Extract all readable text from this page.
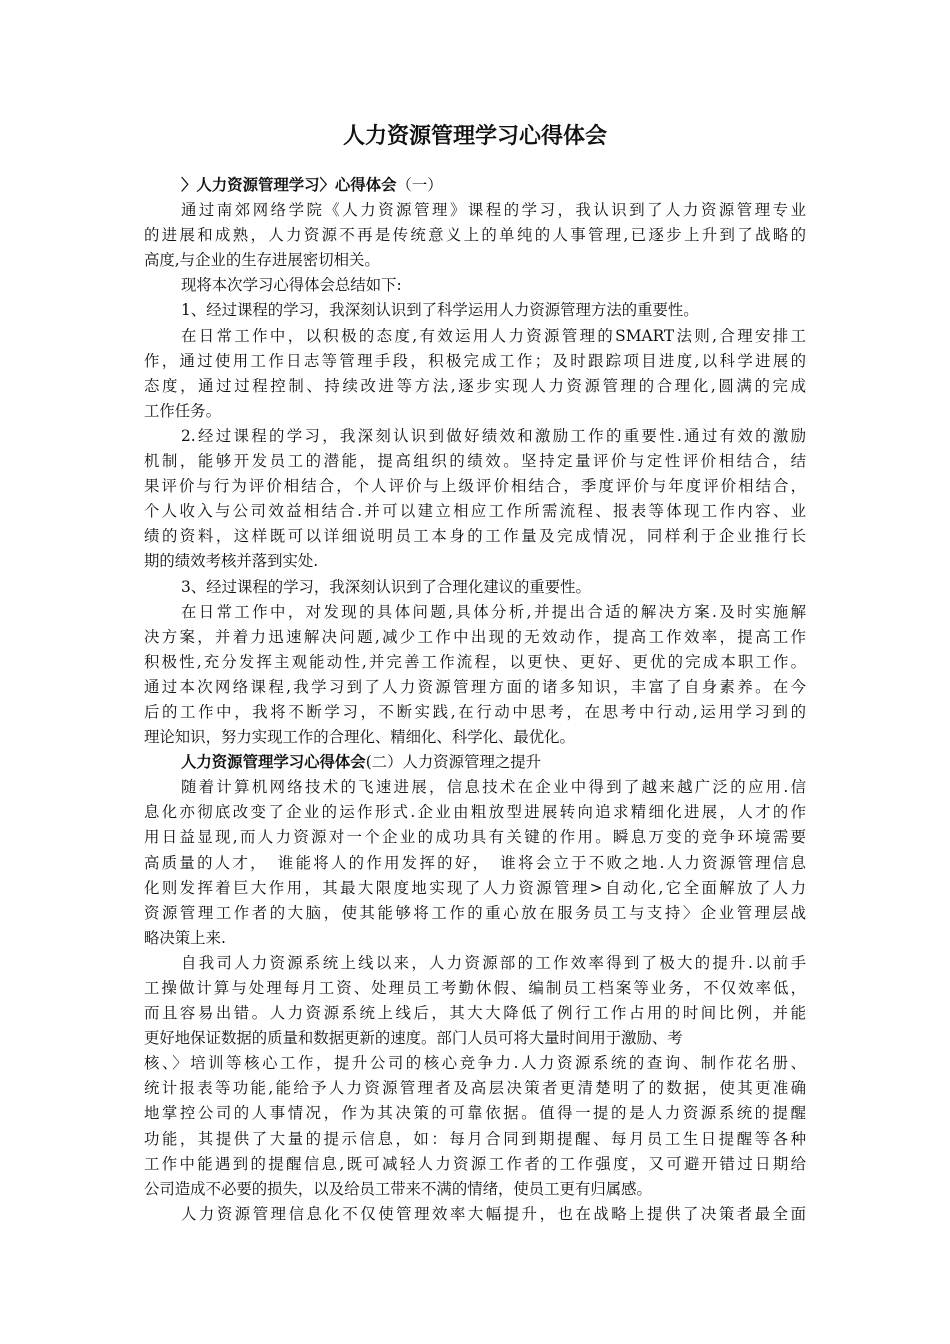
人力资源管理学习心得体会
〉人力资源管理学习〉心得体会（一）
通过南郊网络学院《人力资源管理》课程的学习，我认识到了人力资源管理专业
的进展和成熟，人力资源不再是传统意义上的单纯的人事管理,已逐步上升到了战略的
高度,与企业的生存进展密切相关。
现将本次学习心得体会总结如下:
1、经过课程的学习，我深刻认识到了科学运用人力资源管理方法的重要性。
在日常工作中，以积极的态度,有效运用人力资源管理的SMART法则,合理安排工
作，通过使用工作日志等管理手段，积极完成工作；及时跟踪项目进度,以科学进展的
态度，通过过程控制、持续改进等方法,逐步实现人力资源管理的合理化,圆满的完成
工作任务。
2.经过课程的学习，我深刻认识到做好绩效和激励工作的重要性.通过有效的激励
机制，能够开发员工的潜能，提高组织的绩效。坚持定量评价与定性评价相结合，结
果评价与行为评价相结合，个人评价与上级评价相结合，季度评价与年度评价相结合，
个人收入与公司效益相结合.并可以建立相应工作所需流程、报表等体现工作内容、业
绩的资料，这样既可以详细说明员工本身的工作量及完成情况，同样利于企业推行长
期的绩效考核并落到实处.
3、经过课程的学习，我深刻认识到了合理化建议的重要性。
在日常工作中，对发现的具体问题,具体分析,并提出合适的解决方案.及时实施解
决方案，并着力迅速解决问题,减少工作中出现的无效动作，提高工作效率，提高工作
积极性,充分发挥主观能动性,并完善工作流程，以更快、更好、更优的完成本职工作。
通过本次网络课程,我学习到了人力资源管理方面的诸多知识，丰富了自身素养。在今
后的工作中，我将不断学习，不断实践,在行动中思考，在思考中行动,运用学习到的
理论知识，努力实现工作的合理化、精细化、科学化、最优化。
人力资源管理学习心得体会(二）人力资源管理之提升
随着计算机网络技术的飞速进展，信息技术在企业中得到了越来越广泛的应用.信
息化亦彻底改变了企业的运作形式.企业由粗放型进展转向追求精细化进展，人才的作
用日益显现,而人力资源对一个企业的成功具有关键的作用。瞬息万变的竞争环境需要
高质量的人才，　谁能将人的作用发挥的好，　谁将会立于不败之地.人力资源管理信息
化则发挥着巨大作用，其最大限度地实现了人力资源管理>自动化,它全面解放了人力
资源管理工作者的大脑，使其能够将工作的重心放在服务员工与支持〉企业管理层战
略决策上来.
自我司人力资源系统上线以来，人力资源部的工作效率得到了极大的提升.以前手
工操做计算与处理每月工资、处理员工考勤休假、编制员工档案等业务，不仅效率低，
而且容易出错。人力资源系统上线后，其大大降低了例行工作占用的时间比例，并能
更好地保证数据的质量和数据更新的速度。部门人员可将大量时间用于激励、考
核、〉培训等核心工作，提升公司的核心竞争力.人力资源系统的查询、制作花名册、
统计报表等功能,能给予人力资源管理者及高层决策者更清楚明了的数据，使其更准确
地掌控公司的人事情况，作为其决策的可靠依据。值得一提的是人力资源系统的提醒
功能，其提供了大量的提示信息，如：每月合同到期提醒、每月员工生日提醒等各种
工作中能遇到的提醒信息,既可减轻人力资源工作者的工作强度，又可避开错过日期给
公司造成不必要的损失，以及给员工带来不满的情绪，使员工更有归属感。
人力资源管理信息化不仅使管理效率大幅提升，也在战略上提供了决策者最全面
